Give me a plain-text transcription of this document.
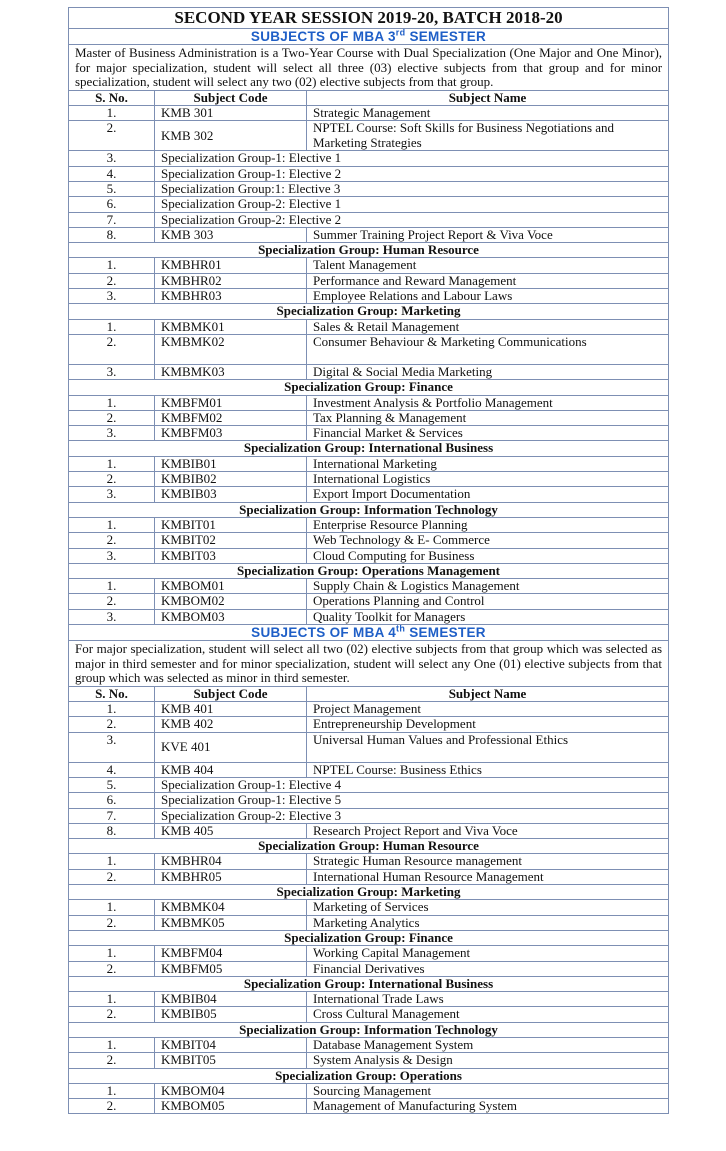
SECOND YEAR SESSION 2019-20, BATCH 2018-20		
SUBJECTS OF MBA 3rd SEMESTER		
Master of Business Administration is a Two-Year Course with Dual Specialization (One Major and One Minor), for major specialization, student will select all three (03) elective subjects from that group and for minor specialization, student will select any two (02) elective subjects from that group.		
S. No.	Subject Code	Subject Name
1.	KMB 301	Strategic Management
2.	KMB 302	NPTEL Course: Soft Skills for Business Negotiations and Marketing Strategies
3.	Specialization Group-1: Elective 1	
4.	Specialization Group-1: Elective 2	
5.	Specialization Group:1: Elective 3	
6.	Specialization Group-2: Elective 1	
7.	Specialization Group-2: Elective 2	
8.	KMB 303	Summer Training Project Report & Viva Voce
Specialization Group: Human Resource		
1.	KMBHR01	Talent Management
2.	KMBHR02	Performance and Reward Management
3.	KMBHR03	Employee Relations and Labour Laws
Specialization Group: Marketing		
1.	KMBMK01	Sales & Retail Management
2.	KMBMK02	Consumer Behaviour & Marketing Communications
3.	KMBMK03	Digital & Social Media Marketing
Specialization Group: Finance		
1.	KMBFM01	Investment Analysis & Portfolio Management
2.	KMBFM02	Tax Planning & Management
3.	KMBFM03	Financial Market & Services
Specialization Group: International Business		
1.	KMBIB01	International Marketing
2.	KMBIB02	International Logistics
3.	KMBIB03	Export Import Documentation
Specialization Group: Information Technology		
1.	KMBIT01	Enterprise Resource Planning
2.	KMBIT02	Web Technology & E- Commerce
3.	KMBIT03	Cloud Computing for Business
Specialization Group: Operations Management		
1.	KMBOM01	Supply Chain & Logistics Management
2.	KMBOM02	Operations Planning and Control
3.	KMBOM03	Quality Toolkit for Managers
SUBJECTS OF MBA 4th SEMESTER		
For major specialization, student will select all two (02) elective subjects from that group which was selected as major in third semester and for minor specialization, student will select any One (01) elective subjects from that group which was selected as minor in third semester.		
S. No.	Subject Code	Subject Name
1.	KMB 401	Project Management
2.	KMB 402	Entrepreneurship Development
3.	KVE 401	Universal Human Values and Professional Ethics
4.	KMB 404	NPTEL Course: Business Ethics
5.	Specialization Group-1: Elective 4	
6.	Specialization Group-1: Elective 5	
7.	Specialization Group-2: Elective 3	
8.	KMB 405	Research Project Report and Viva Voce
Specialization Group: Human Resource		
1.	KMBHR04	Strategic Human Resource management
2.	KMBHR05	International Human Resource Management
Specialization Group: Marketing		
1.	KMBMK04	Marketing of Services
2.	KMBMK05	Marketing Analytics
Specialization Group: Finance		
1.	KMBFM04	Working Capital Management
2.	KMBFM05	Financial Derivatives
Specialization Group: International Business		
1.	KMBIB04	International Trade Laws
2.	KMBIB05	Cross Cultural Management
Specialization Group: Information Technology		
1.	KMBIT04	Database Management System
2.	KMBIT05	System Analysis & Design
Specialization Group: Operations		
1.	KMBOM04	Sourcing Management
2.	KMBOM05	Management of Manufacturing System
